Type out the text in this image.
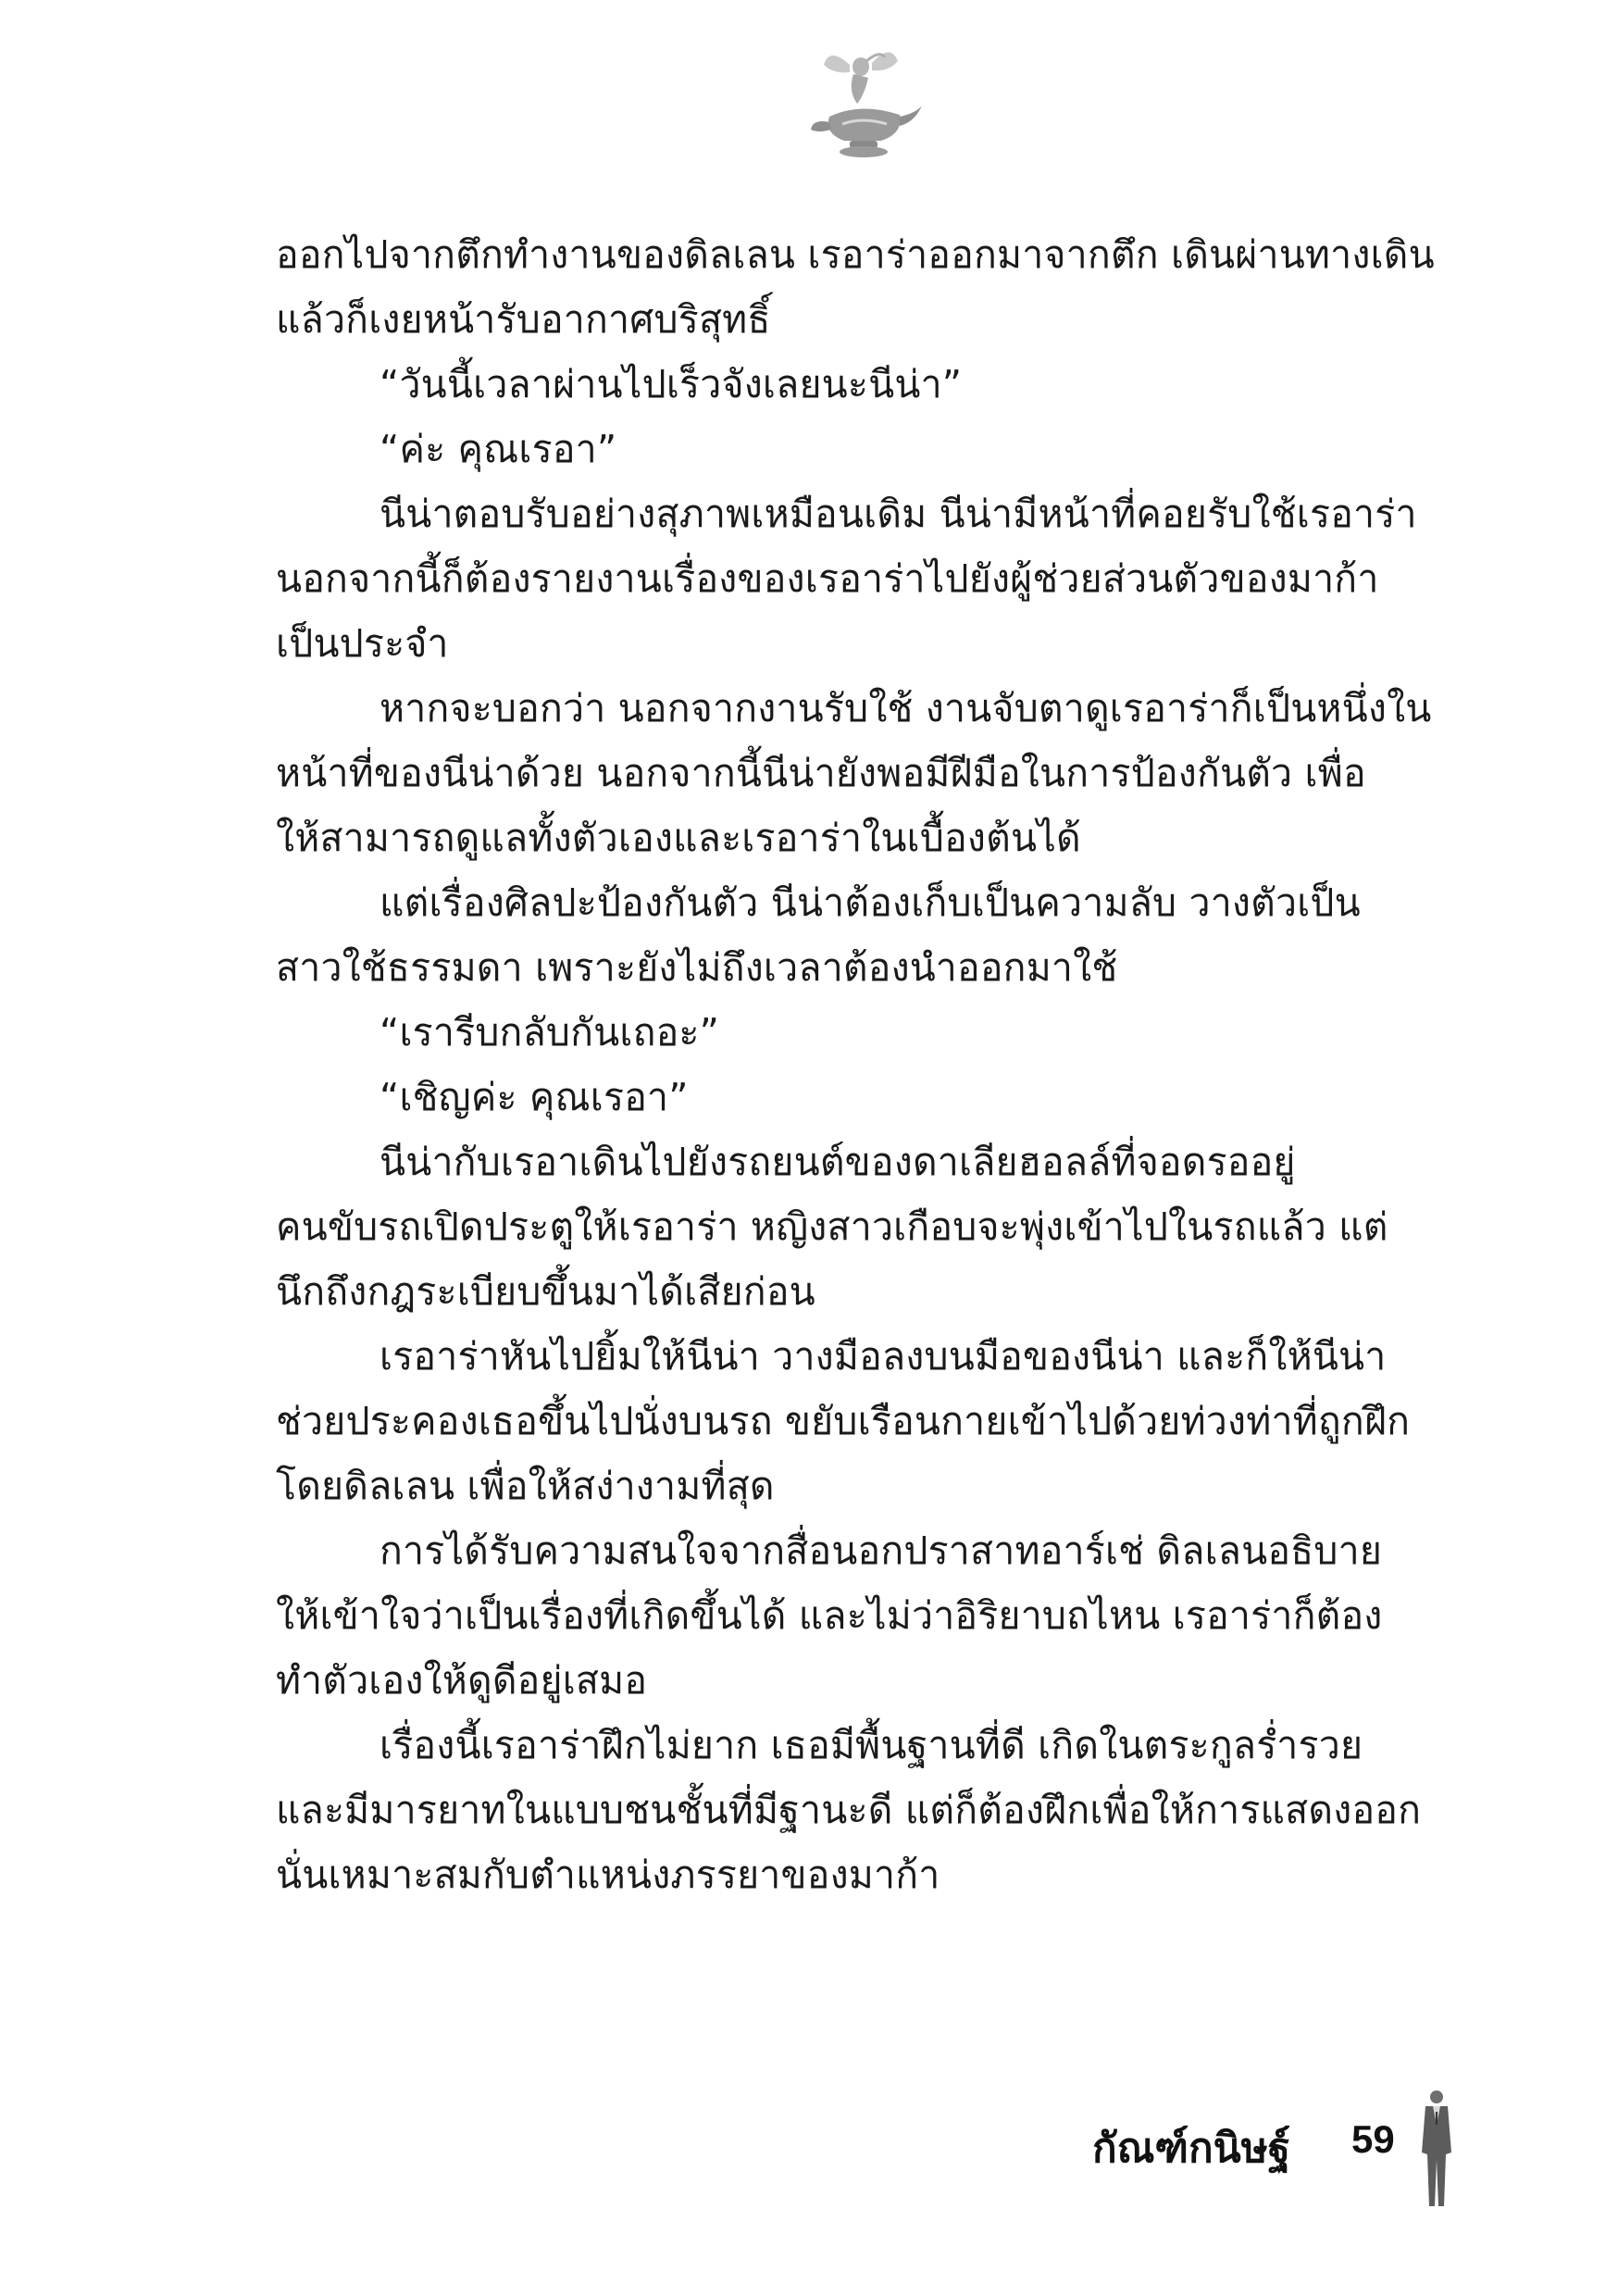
ออกไปจากตึกทำงานของดิลเลน เรอาร่าออกมาจากตึก เดินผ่านทางเดิน
แล้วก็เงยหน้ารับอากาศบริสุทธิ์
“วันนี้เวลาผ่านไปเร็วจังเลยนะนีน่า”
“ค่ะ คุณเรอา”
นีน่าตอบรับอย่างสุภาพเหมือนเดิม นีน่ามีหน้าที่คอยรับใช้เรอาร่า
นอกจากนี้ก็ต้องรายงานเรื่องของเรอาร่าไปยังผู้ช่วยส่วนตัวของมาก้า
เป็นประจำ
หากจะบอกว่า นอกจากงานรับใช้ งานจับตาดูเรอาร่าก็เป็นหนึ่งใน
หน้าที่ของนีน่าด้วย นอกจากนี้นีน่ายังพอมีฝีมือในการป้องกันตัว เพื่อ
ให้สามารถดูแลทั้งตัวเองและเรอาร่าในเบื้องต้นได้
แต่เรื่องศิลปะป้องกันตัว นีน่าต้องเก็บเป็นความลับ วางตัวเป็น
สาวใช้ธรรมดา เพราะยังไม่ถึงเวลาต้องนำออกมาใช้
“เรารีบกลับกันเถอะ”
“เชิญค่ะ คุณเรอา”
นีน่ากับเรอาเดินไปยังรถยนต์ของดาเลียฮอลล์ที่จอดรออยู่
คนขับรถเปิดประตูให้เรอาร่า หญิงสาวเกือบจะพุ่งเข้าไปในรถแล้ว แต่
นึกถึงกฎระเบียบขึ้นมาได้เสียก่อน
เรอาร่าหันไปยิ้มให้นีน่า วางมือลงบนมือของนีน่า และก็ให้นีน่า
ช่วยประคองเธอขึ้นไปนั่งบนรถ ขยับเรือนกายเข้าไปด้วยท่วงท่าที่ถูกฝึก
โดยดิลเลน เพื่อให้สง่างามที่สุด
การได้รับความสนใจจากสื่อนอกปราสาทอาร์เช่ ดิลเลนอธิบาย
ให้เข้าใจว่าเป็นเรื่องที่เกิดขึ้นได้ และไม่ว่าอิริยาบถไหน เรอาร่าก็ต้อง
ทำตัวเองให้ดูดีอยู่เสมอ
เรื่องนี้เรอาร่าฝึกไม่ยาก เธอมีพื้นฐานที่ดี เกิดในตระกูลร่ำรวย
และมีมารยาทในแบบชนชั้นที่มีฐานะดี แต่ก็ต้องฝึกเพื่อให้การแสดงออก
นั่นเหมาะสมกับตำแหน่งภรรยาของมาก้า
กัณฑ์กนิษฐ์ 59
